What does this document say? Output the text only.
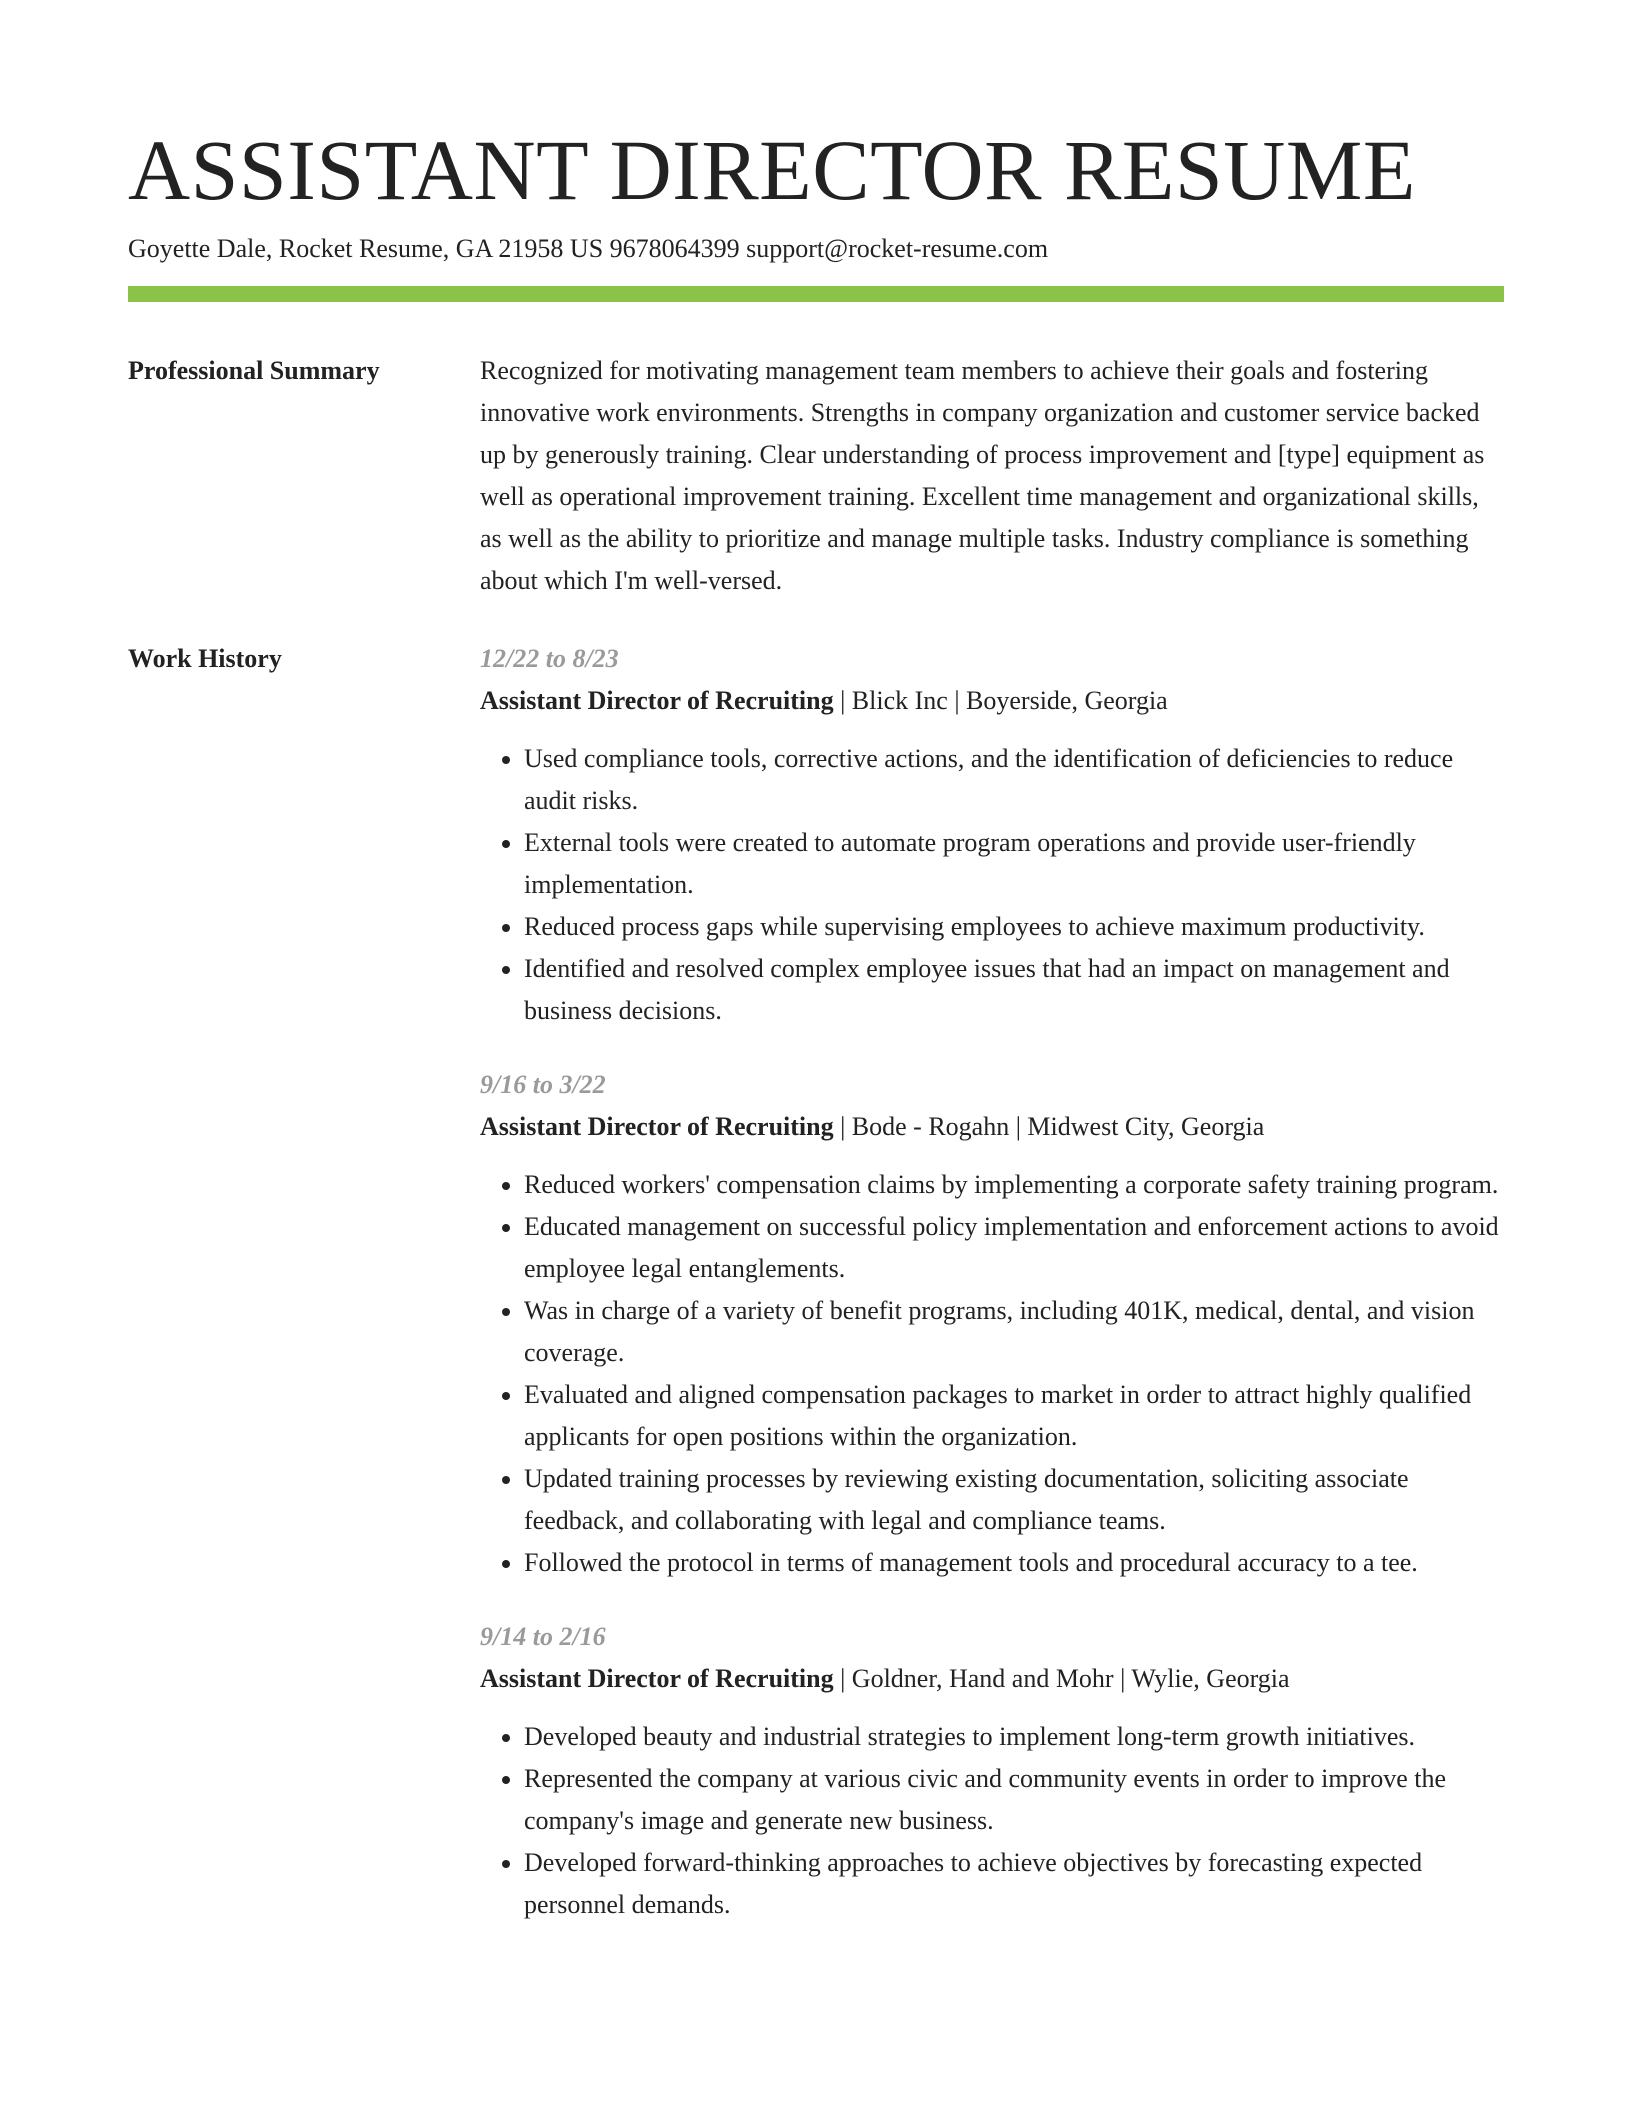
ASSISTANT DIRECTOR RESUME
Goyette Dale, Rocket Resume, GA 21958 US 9678064399 support@rocket-resume.com
Professional Summary	Recognized for motivating management team members to achieve their goals and fostering innovative work environments. Strengths in company organization and customer service backed up by generously training. Clear understanding of process improvement and [type] equipment as well as operational improvement training. Excellent time management and organizational skills, as well as the ability to prioritize and manage multiple tasks. Industry compliance is something about which I'm well-versed.

Work History	12/22 to 8/23
Assistant Director of Recruiting | Blick Inc | Boyerside, Georgia
• Used compliance tools, corrective actions, and the identification of deficiencies to reduce audit risks.
• External tools were created to automate program operations and provide user-friendly implementation.
• Reduced process gaps while supervising employees to achieve maximum productivity.
• Identified and resolved complex employee issues that had an impact on management and business decisions.
9/16 to 3/22
Assistant Director of Recruiting | Bode - Rogahn | Midwest City, Georgia
• Reduced workers' compensation claims by implementing a corporate safety training program.
• Educated management on successful policy implementation and enforcement actions to avoid employee legal entanglements.
• Was in charge of a variety of benefit programs, including 401K, medical, dental, and vision coverage.
• Evaluated and aligned compensation packages to market in order to attract highly qualified applicants for open positions within the organization.
• Updated training processes by reviewing existing documentation, soliciting associate feedback, and collaborating with legal and compliance teams.
• Followed the protocol in terms of management tools and procedural accuracy to a tee.
9/14 to 2/16
Assistant Director of Recruiting | Goldner, Hand and Mohr | Wylie, Georgia
• Developed beauty and industrial strategies to implement long-term growth initiatives.
• Represented the company at various civic and community events in order to improve the company's image and generate new business.
• Developed forward-thinking approaches to achieve objectives by forecasting expected personnel demands.
